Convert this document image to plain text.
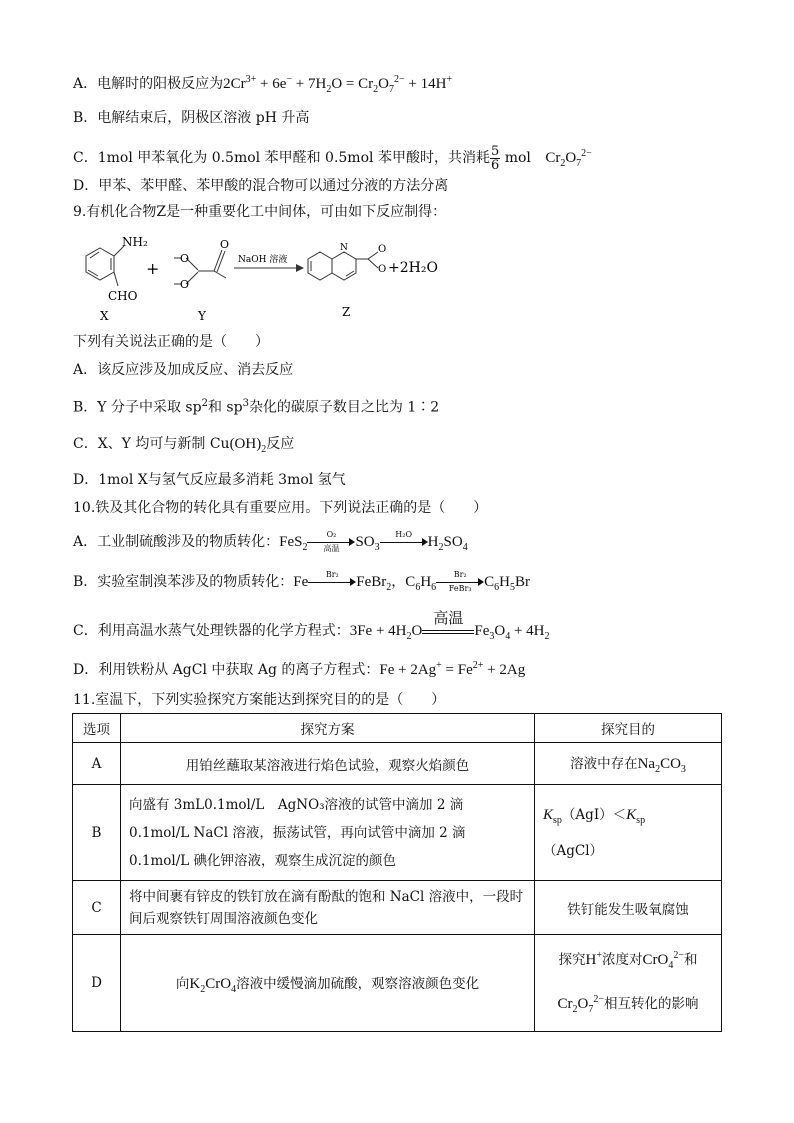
A．电解时的阳极反应为$2Cr^{3+} + 6e^- + 7H_2O = Cr_2O_7^{2-} + 14H^+$
B．电解结束后，阴极区溶液 pH 升高
C．1mol 甲苯氧化为 0.5mol 苯甲醛和 0.5mol 苯甲酸时，共消耗 $\frac{5}{6}$ mol $Cr_2O_7^{2-}$
D．甲苯、苯甲醛、苯甲酸的混合物可以通过分液的方法分离
9.有机化合物Z是一种重要化工中间体，可由如下反应制得：
NH₂
CHO
X
+
O
O
O
Y
NaOH 溶液
N	O
O +2H₂O
Z
下列有关说法正确的是（　　）
A．该反应涉及加成反应、消去反应
B．Y 分子中采取 $sp^2$和 $sp^3$杂化的碳原子数目之比为 1∶2
C．X、Y 均可与新制 $Cu(OH)_2$反应
D．1mol X与氢气反应最多消耗 3mol 氢气
10.铁及其化合物的转化具有重要应用。下列说法正确的是（　　）
A．工业制硫酸涉及的物质转化：FeS$_2$
O₂
高温	$SO_3$
H₂O	$H_2SO_4$
B．实验室制溴苯涉及的物质转化：Fe	Br₂	FeBr$_2$，$C_6H_6$
Br₂
FeBr₃ $C_6H_5Br$
C．利用高温水蒸气处理铁器的化学方程式：$3Fe + 4H_2O$
高温
$Fe_3O_4 + 4H_2$
D．利用铁粉从 AgCl 中获取 Ag 的离子方程式：$Fe + 2Ag^+ = Fe^{2+} + 2Ag$
11.室温下，下列实验探究方案能达到探究目的的是（　　）
选项	探究方案	探究目的
A	用铂丝蘸取某溶液进行焰色试验，观察火焰颜色	溶液中存在$Na_2CO_3$
B	向盛有 3mL0.1mol/L　AgNO₃溶液的试管中滴加 2 滴 0.1mol/L NaCl 溶液，振荡试管，再向试管中滴加 2 滴 0.1mol/L 碘化钾溶液，观察生成沉淀的颜色	$K_{sp}(AgI)<K_{sp}$
（AgCl）
C	将中间裹有锌皮的铁钉放在滴有酚酞的饱和 NaCl 溶液中，一段时间后观察铁钉周围溶液颜色变化	铁钉能发生吸氧腐蚀
D	向$K_2CrO_4$溶液中缓慢滴加硫酸，观察溶液颜色变化	探究H+浓度对CrO$_4^{2-}$和
$Cr_2O_7^{2-}$相互转化的影响
